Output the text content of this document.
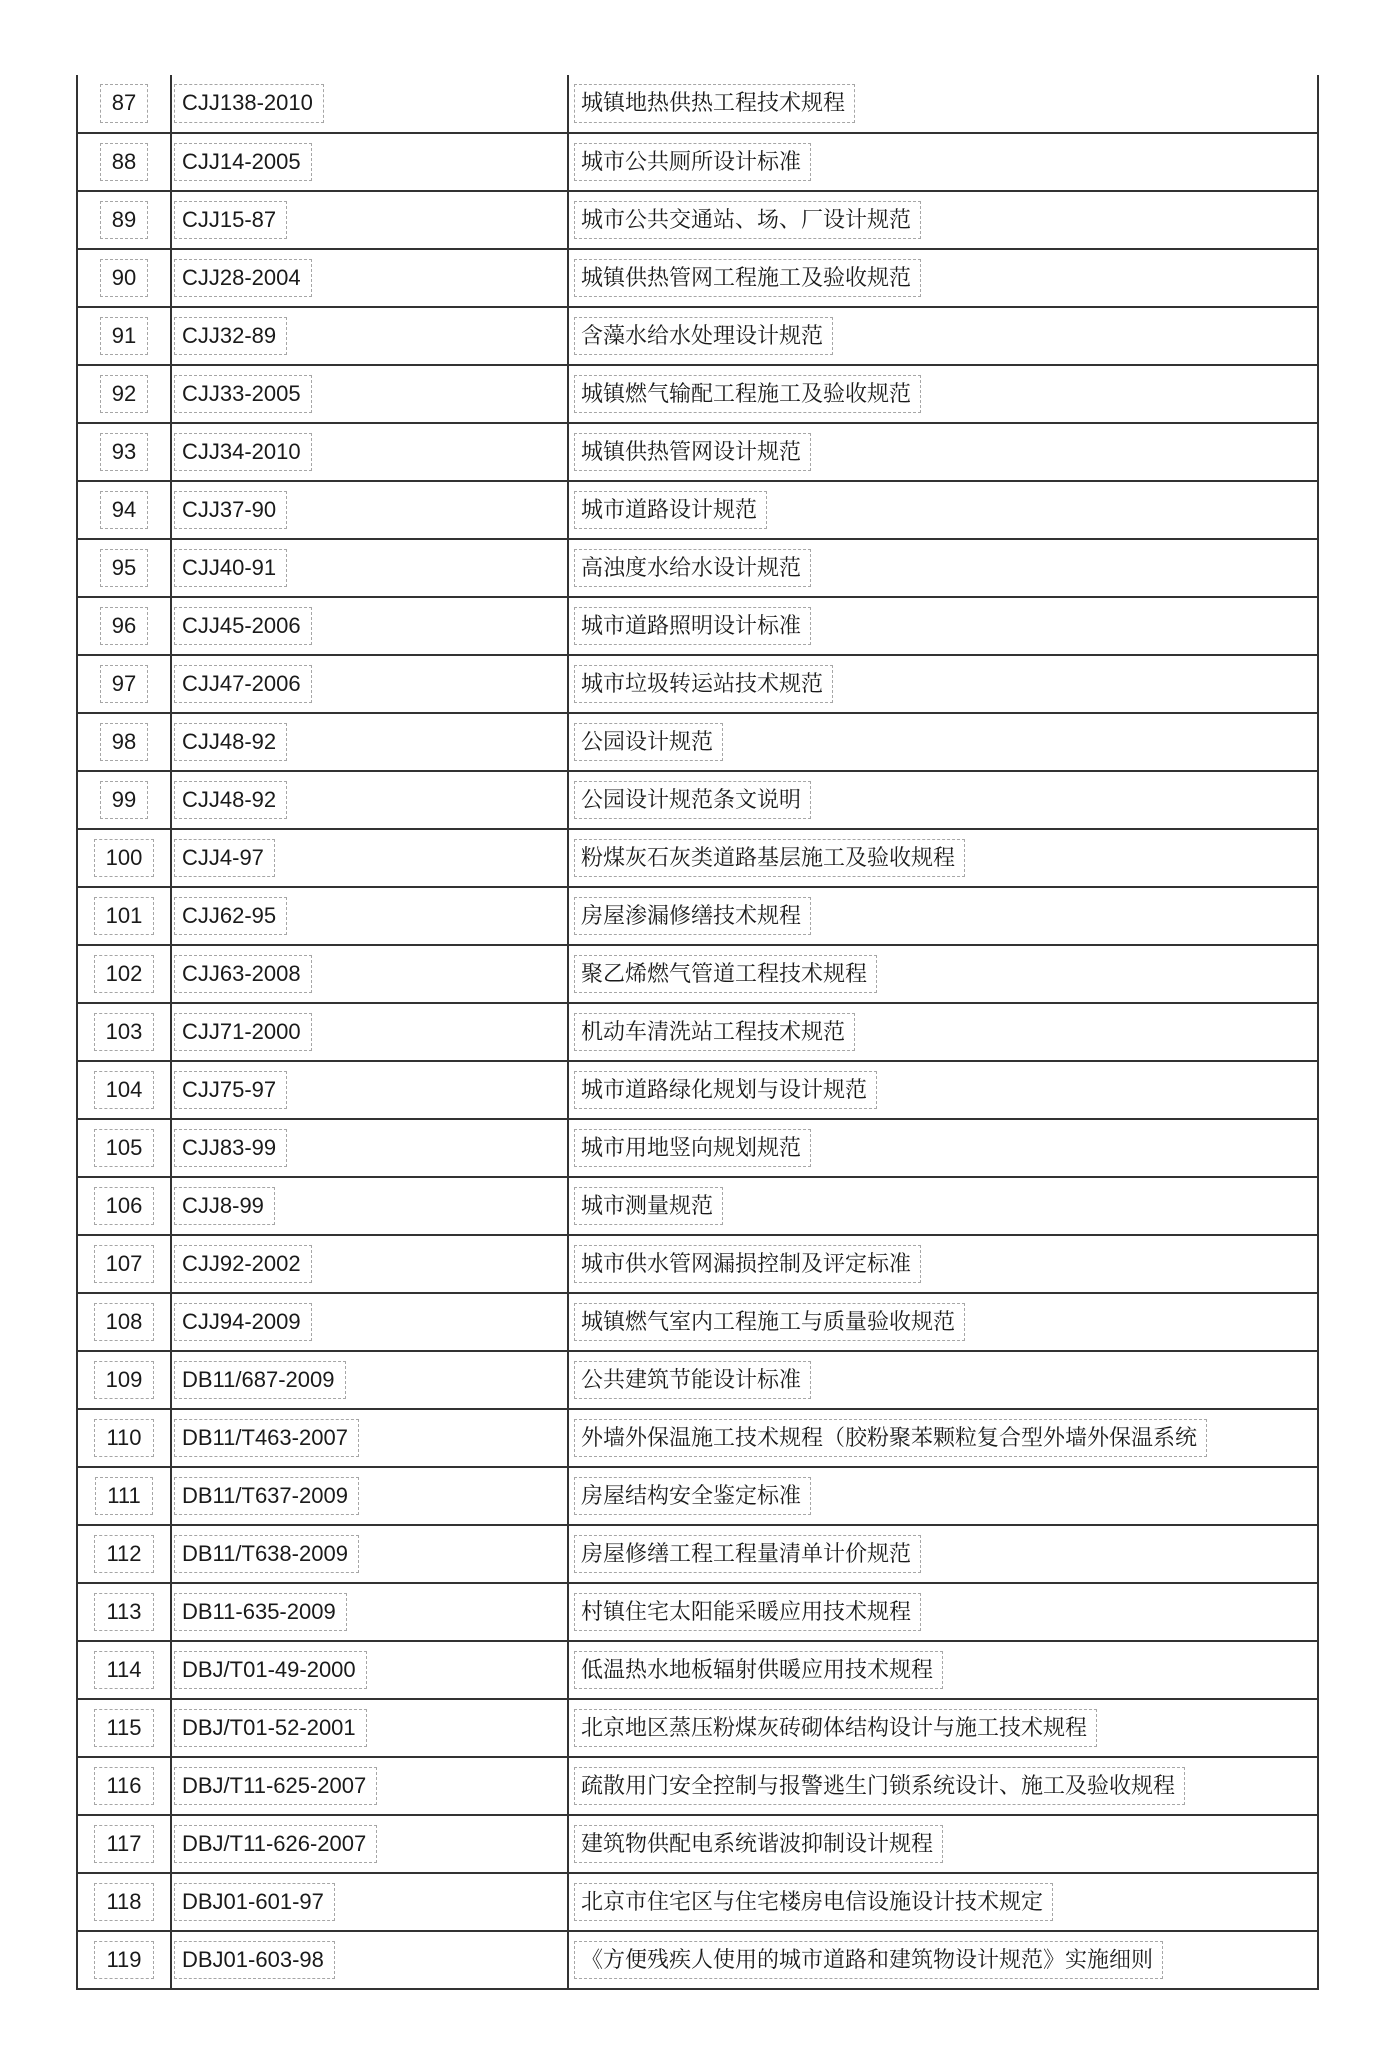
87	CJJ138-2010	城镇地热供热工程技术规程
88	CJJ14-2005	城市公共厕所设计标准
89	CJJ15-87	城市公共交通站、场、厂设计规范
90	CJJ28-2004	城镇供热管网工程施工及验收规范
91	CJJ32-89	含藻水给水处理设计规范
92	CJJ33-2005	城镇燃气输配工程施工及验收规范
93	CJJ34-2010	城镇供热管网设计规范
94	CJJ37-90	城市道路设计规范
95	CJJ40-91	高浊度水给水设计规范
96	CJJ45-2006	城市道路照明设计标准
97	CJJ47-2006	城市垃圾转运站技术规范
98	CJJ48-92	公园设计规范
99	CJJ48-92	公园设计规范条文说明
100	CJJ4-97	粉煤灰石灰类道路基层施工及验收规程
101	CJJ62-95	房屋渗漏修缮技术规程
102	CJJ63-2008	聚乙烯燃气管道工程技术规程
103	CJJ71-2000	机动车清洗站工程技术规范
104	CJJ75-97	城市道路绿化规划与设计规范
105	CJJ83-99	城市用地竖向规划规范
106	CJJ8-99	城市测量规范
107	CJJ92-2002	城市供水管网漏损控制及评定标准
108	CJJ94-2009	城镇燃气室内工程施工与质量验收规范
109	DB11/687-2009	公共建筑节能设计标准
110	DB11/T463-2007	外墙外保温施工技术规程（胶粉聚苯颗粒复合型外墙外保温系统
111	DB11/T637-2009	房屋结构安全鉴定标准
112	DB11/T638-2009	房屋修缮工程工程量清单计价规范
113	DB11-635-2009	村镇住宅太阳能采暖应用技术规程
114	DBJ/T01-49-2000	低温热水地板辐射供暖应用技术规程
115	DBJ/T01-52-2001	北京地区蒸压粉煤灰砖砌体结构设计与施工技术规程
116	DBJ/T11-625-2007	疏散用门安全控制与报警逃生门锁系统设计、施工及验收规程
117	DBJ/T11-626-2007	建筑物供配电系统谐波抑制设计规程
118	DBJ01-601-97	北京市住宅区与住宅楼房电信设施设计技术规定
119	DBJ01-603-98	《方便残疾人使用的城市道路和建筑物设计规范》实施细则
